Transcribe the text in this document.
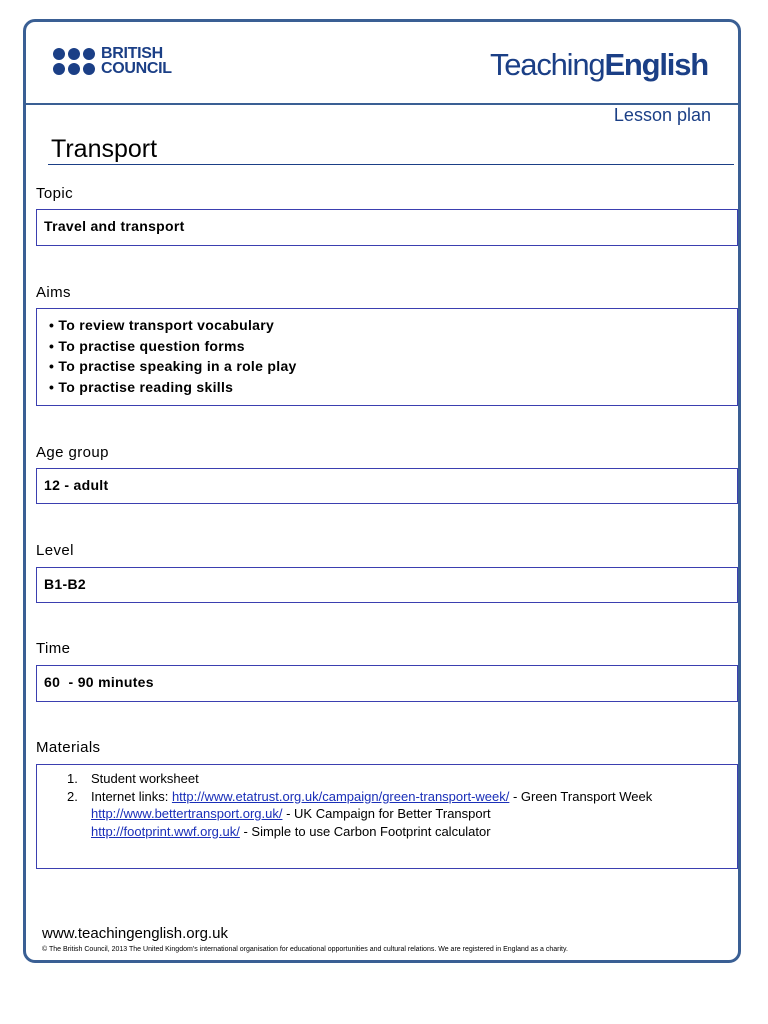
BRITISH
COUNCIL	TeachingEnglish
Lesson plan
Transport
Topic
Travel and transport
Aims
• To review transport vocabulary
• To practise question forms
• To practise speaking in a role play
• To practise reading skills
Age group
12 - adult
Level
B1-B2
Time
60  - 90 minutes
Materials
1. Student worksheet
2. Internet links: http://www.etatrust.org.uk/campaign/green-transport-week/ - Green Transport Week
http://www.bettertransport.org.uk/ - UK Campaign for Better Transport
http://footprint.wwf.org.uk/ - Simple to use Carbon Footprint calculator
www.teachingenglish.org.uk
© The British Council, 2013 The United Kingdom’s international organisation for educational opportunities and cultural relations. We are registered in England as a charity.
